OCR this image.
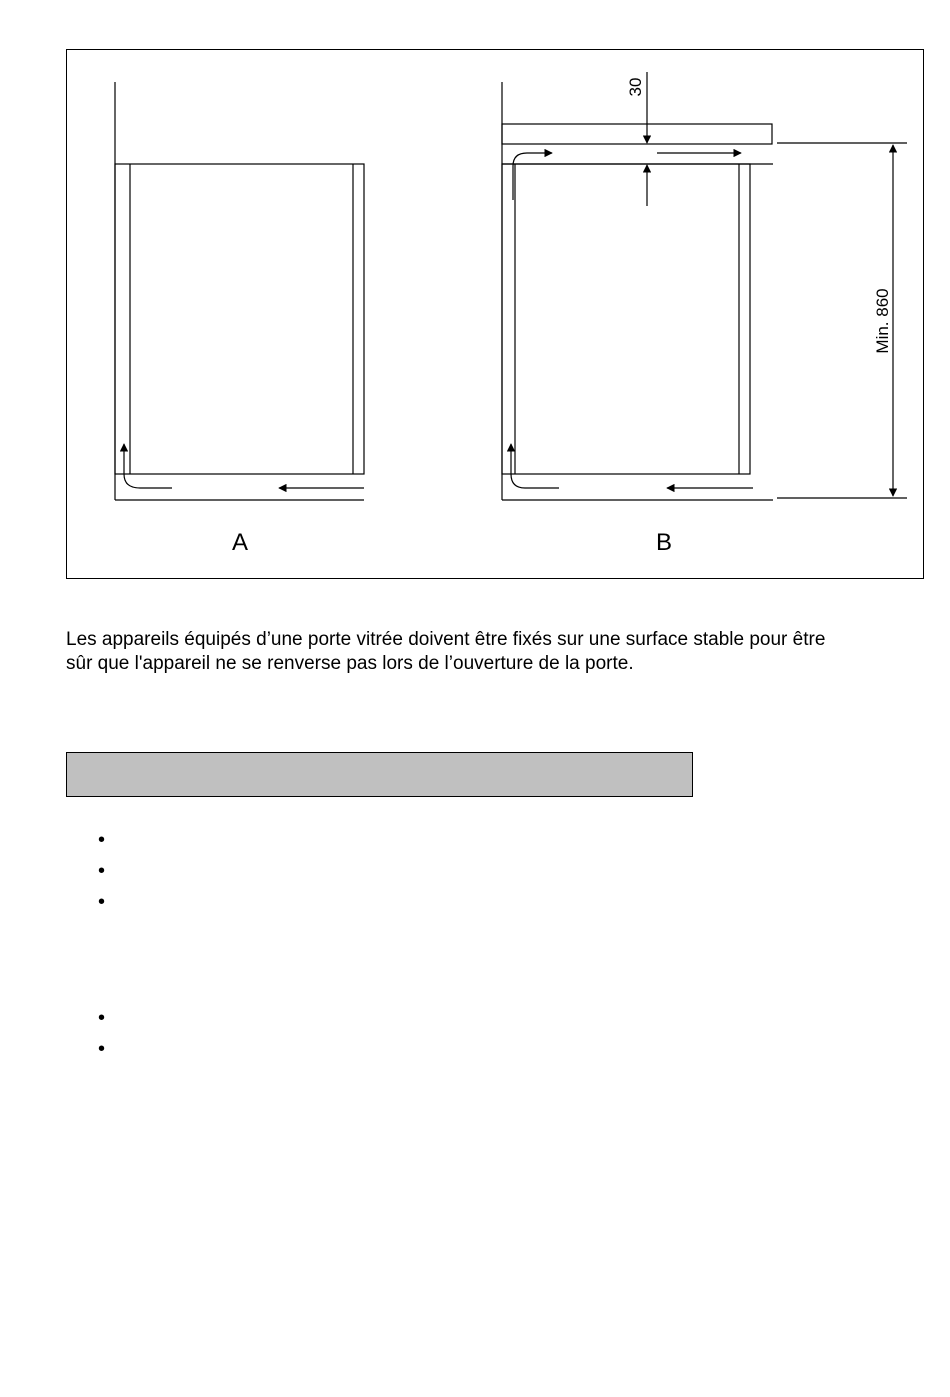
A	B
30
Min. 860

Les appareils équipés d’une porte vitrée doivent être fixés sur une surface stable pour être
sûr que l'appareil ne se renverse pas lors de l’ouverture de la porte.

•
•
•
•
•
